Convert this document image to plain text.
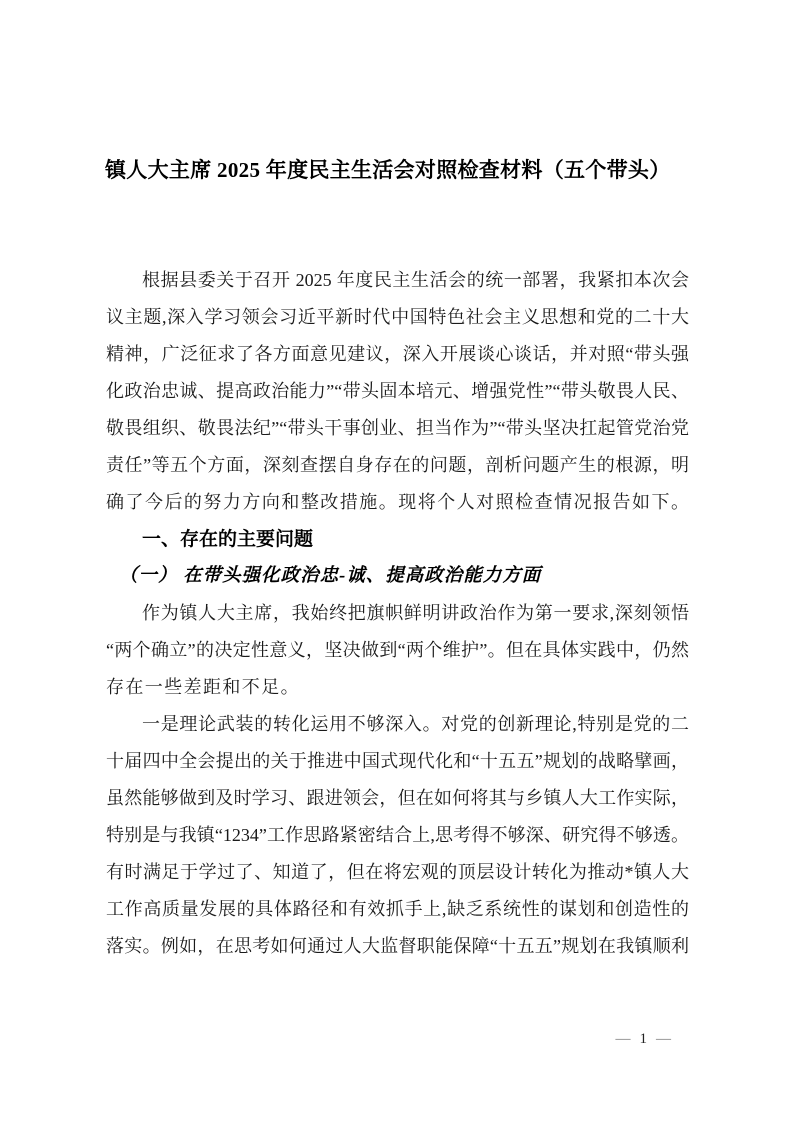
镇人大主席 2025 年度民主生活会对照检查材料（五个带头）
根据县委关于召开 2025 年度民主生活会的统一部署，我紧扣本次会
议主题,深入学习领会习近平新时代中国特色社会主义思想和党的二十大
精神，广泛征求了各方面意见建议，深入开展谈心谈话，并对照“带头强
化政治忠诚、提高政治能力”“带头固本培元、增强党性”“带头敬畏人民、
敬畏组织、敬畏法纪”“带头干事创业、担当作为”“带头坚决扛起管党治党
责任”等五个方面，深刻查摆自身存在的问题，剖析问题产生的根源，明
确了今后的努力方向和整改措施。现将个人对照检查情况报告如下。
一、存在的主要问题
（一） 在带头强化政治忠-诚、提高政治能力方面
作为镇人大主席，我始终把旗帜鲜明讲政治作为第一要求,深刻领悟
“两个确立”的决定性意义，坚决做到“两个维护”。但在具体实践中，仍然
存在一些差距和不足。
一是理论武装的转化运用不够深入。对党的创新理论,特别是党的二
十届四中全会提出的关于推进中国式现代化和“十五五”规划的战略擘画，
虽然能够做到及时学习、跟进领会，但在如何将其与乡镇人大工作实际，
特别是与我镇“1234”工作思路紧密结合上,思考得不够深、研究得不够透。
有时满足于学过了、知道了，但在将宏观的顶层设计转化为推动*镇人大
工作高质量发展的具体路径和有效抓手上,缺乏系统性的谋划和创造性的
落实。例如，在思考如何通过人大监督职能保障“十五五”规划在我镇顺利
— 1 —
